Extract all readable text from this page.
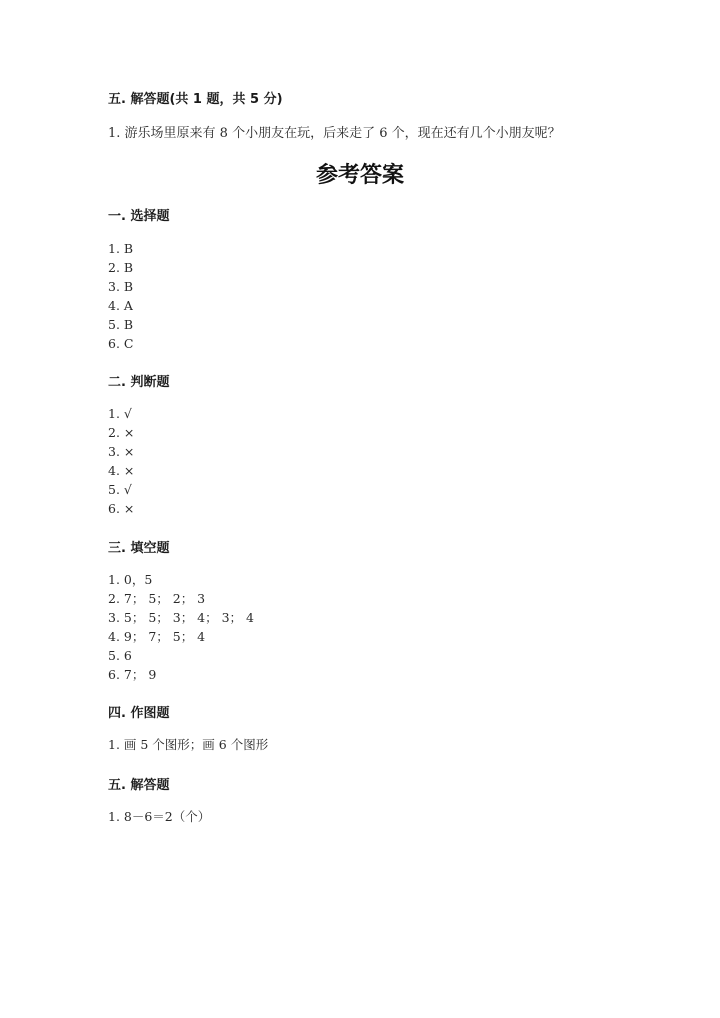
五. 解答题(共 1 题，共 5 分)
1. 游乐场里原来有 8 个小朋友在玩，后来走了 6 个，现在还有几个小朋友呢？
参考答案
一. 选择题
1. B
2. B
3. B
4. A
5. B
6. C
二. 判断题
1. √
2. ×
3. ×
4. ×
5. √
6. ×
三. 填空题
1. 0，5
2. 7； 5； 2； 3
3. 5； 5； 3； 4； 3； 4
4. 9； 7； 5； 4
5. 6
6. 7； 9
四. 作图题
1. 画 5 个图形；画 6 个图形
五. 解答题
1. 8－6＝2（个）
